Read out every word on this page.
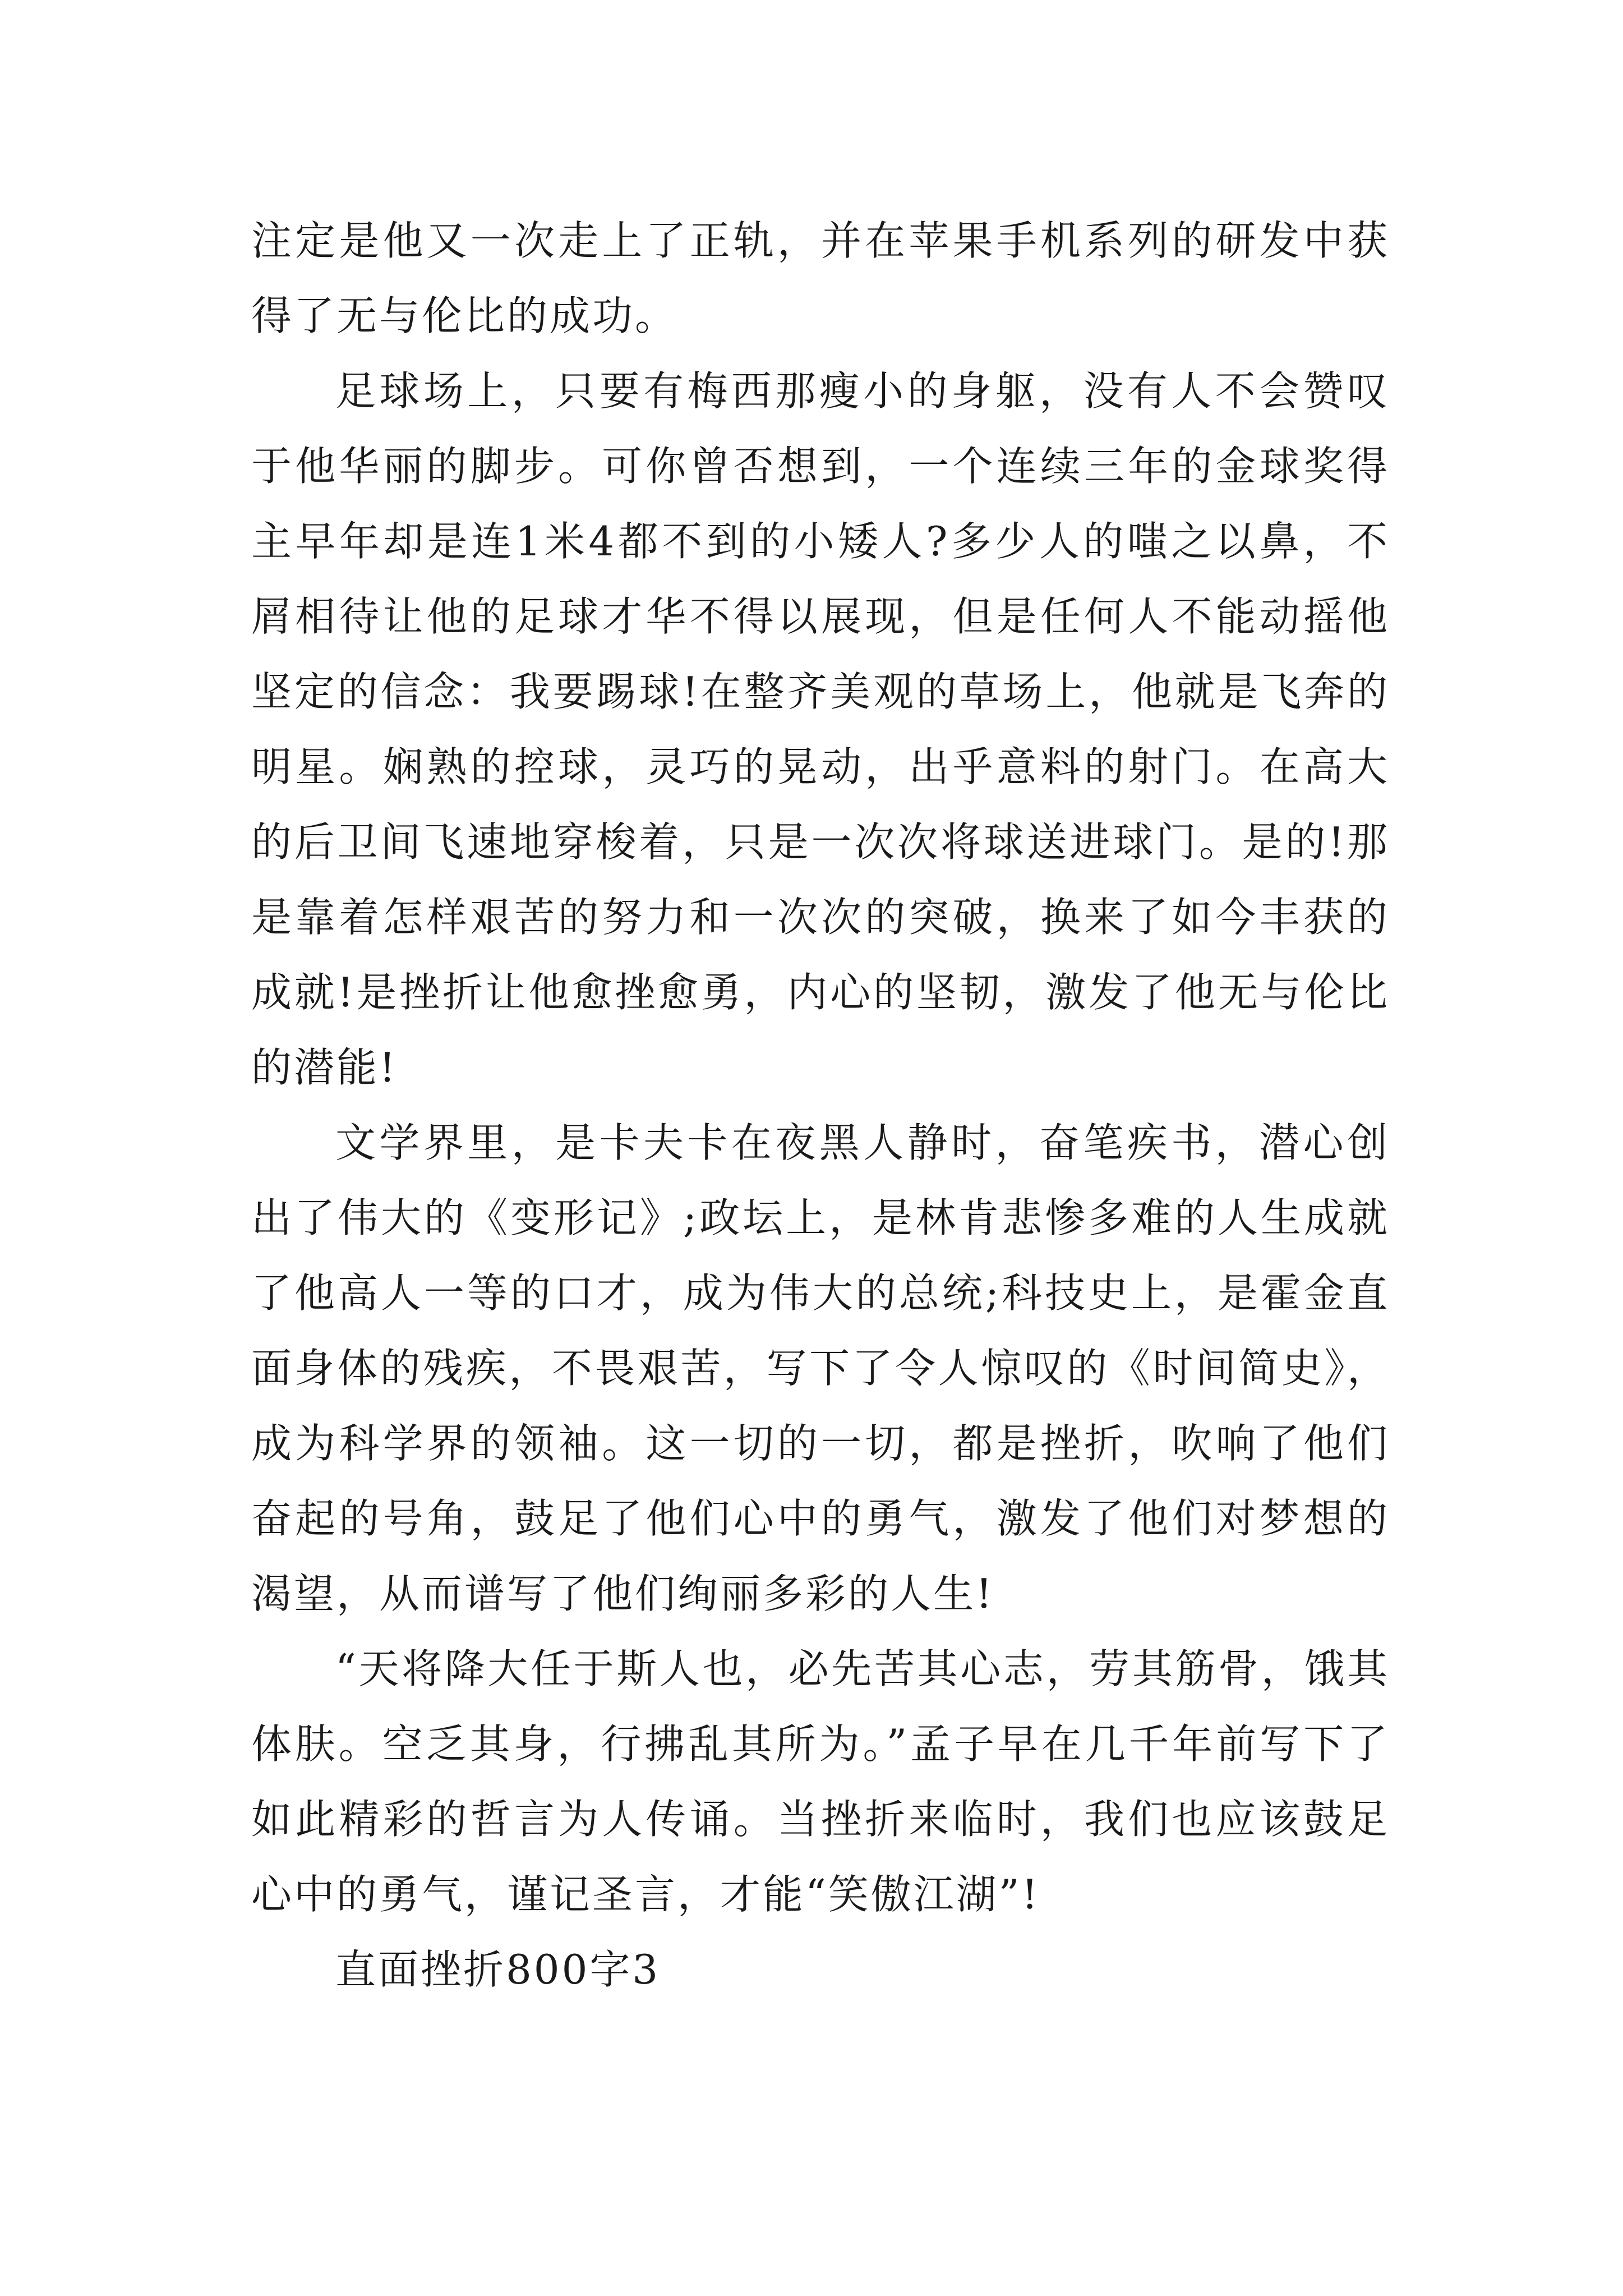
注定是他又一次走上了正轨，并在苹果手机系列的研发中获得了无与伦比的成功。

足球场上，只要有梅西那瘦小的身躯，没有人不会赞叹于他华丽的脚步。可你曾否想到，一个连续三年的金球奖得主早年却是连1米4都不到的小矮人?多少人的嗤之以鼻，不屑相待让他的足球才华不得以展现，但是任何人不能动摇他坚定的信念：我要踢球!在整齐美观的草场上，他就是飞奔的明星。娴熟的控球，灵巧的晃动，出乎意料的射门。在高大的后卫间飞速地穿梭着，只是一次次将球送进球门。是的!那是靠着怎样艰苦的努力和一次次的突破，换来了如今丰获的成就!是挫折让他愈挫愈勇，内心的坚韧，激发了他无与伦比的潜能!

文学界里，是卡夫卡在夜黑人静时，奋笔疾书，潜心创出了伟大的《变形记》;政坛上，是林肯悲惨多难的人生成就了他高人一等的口才，成为伟大的总统;科技史上，是霍金直面身体的残疾，不畏艰苦，写下了令人惊叹的《时间简史》，成为科学界的领袖。这一切的一切，都是挫折，吹响了他们奋起的号角，鼓足了他们心中的勇气，激发了他们对梦想的渴望，从而谱写了他们绚丽多彩的人生!

“天将降大任于斯人也，必先苦其心志，劳其筋骨，饿其体肤。空乏其身，行拂乱其所为。”孟子早在几千年前写下了如此精彩的哲言为人传诵。当挫折来临时，我们也应该鼓足心中的勇气，谨记圣言，才能“笑傲江湖”!

直面挫折800字3
